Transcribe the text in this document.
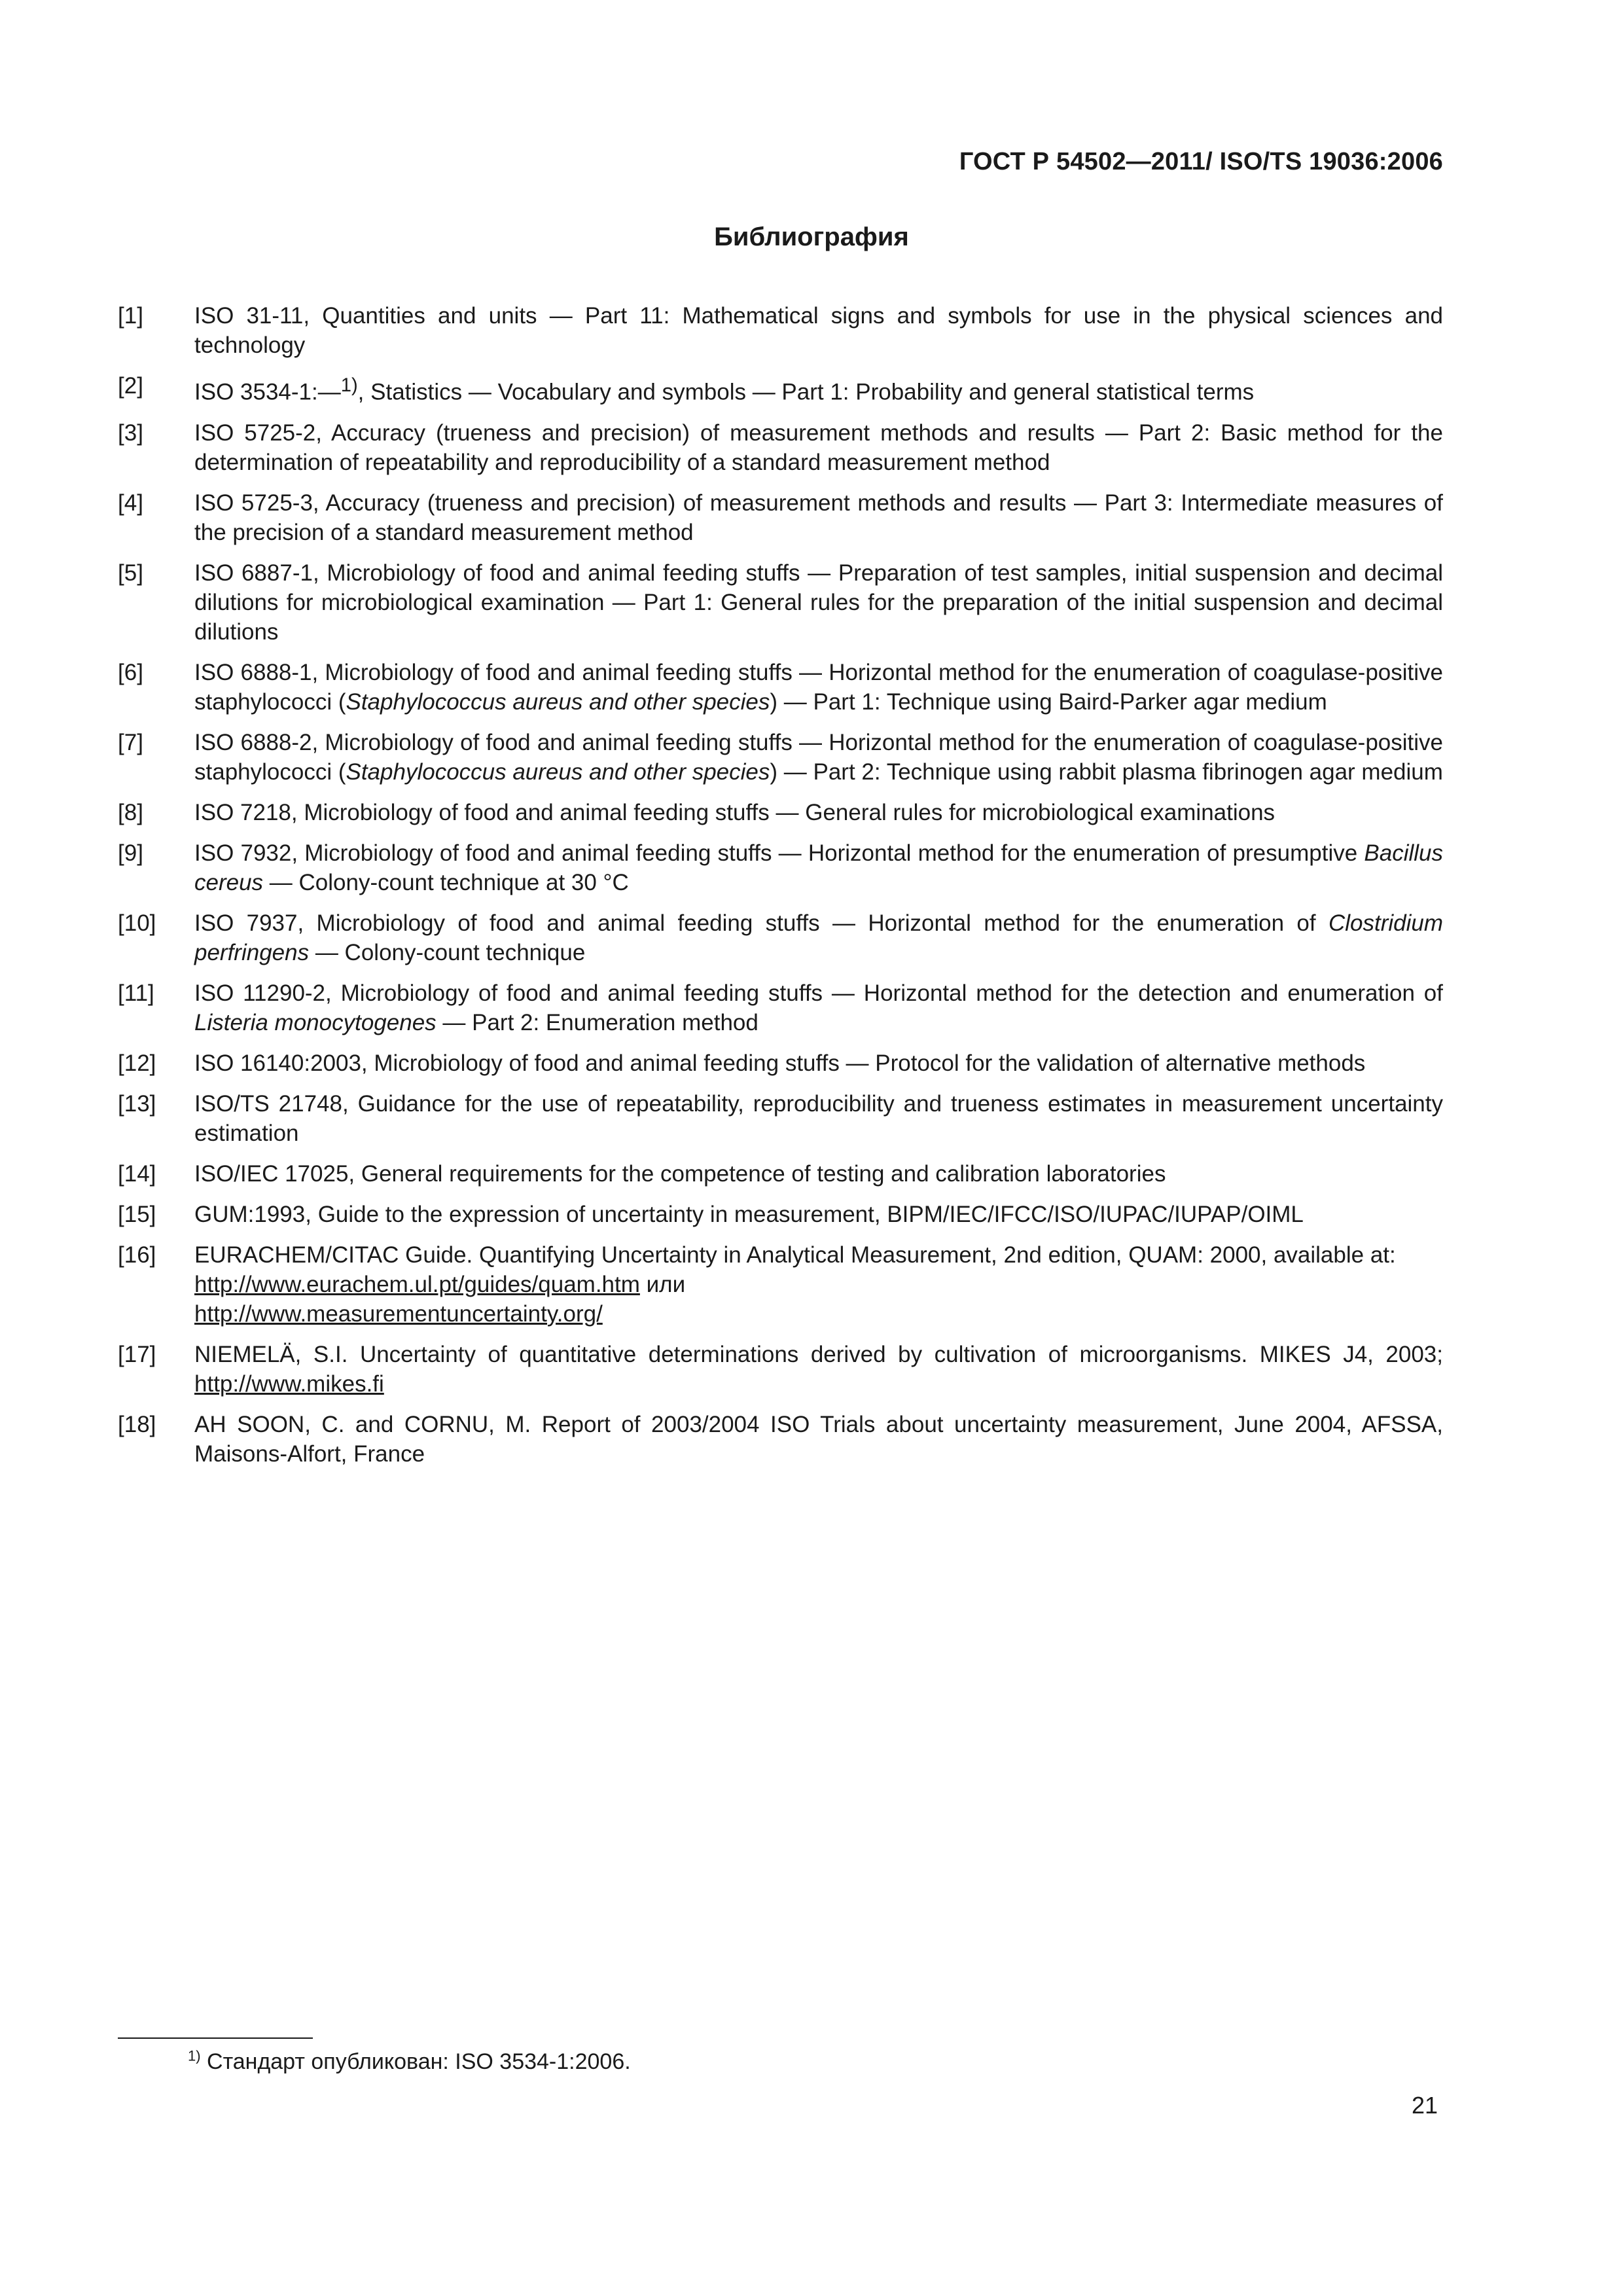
ГОСТ Р 54502—2011/ ISO/TS 19036:2006
Библиография
[1]	ISO 31-11, Quantities and units — Part 11: Mathematical signs and symbols for use in the physical sciences and technology
[2]	ISO 3534-1:—$^{1)}$, Statistics — Vocabulary and symbols — Part 1: Probability and general statistical terms
[3]	ISO 5725-2, Accuracy (trueness and precision) of measurement methods and results — Part 2: Basic method for the determination of repeatability and reproducibility of a standard measurement method
[4]	ISO 5725-3, Accuracy (trueness and precision) of measurement methods and results — Part 3: Intermediate measures of the precision of a standard measurement method
[5]	ISO 6887-1, Microbiology of food and animal feeding stuffs — Preparation of test samples, initial suspension and decimal dilutions for microbiological examination — Part 1: General rules for the preparation of the initial suspension and decimal dilutions
[6]	ISO 6888-1, Microbiology of food and animal feeding stuffs — Horizontal method for the enumeration of coagulase-positive staphylococci (Staphylococcus aureus and other species) — Part 1: Technique using Baird-Parker agar medium
[7]	ISO 6888-2, Microbiology of food and animal feeding stuffs — Horizontal method for the enumeration of coagulase-positive staphylococci (Staphylococcus aureus and other species) — Part 2: Technique using rabbit plasma fibrinogen agar medium
[8]	ISO 7218, Microbiology of food and animal feeding stuffs — General rules for microbiological examinations
[9]	ISO 7932, Microbiology of food and animal feeding stuffs — Horizontal method for the enumeration of presumptive Bacillus cereus — Colony-count technique at 30 °C
[10]	ISO 7937, Microbiology of food and animal feeding stuffs — Horizontal method for the enumeration of Clostridium perfringens — Colony-count technique
[11]	ISO 11290-2, Microbiology of food and animal feeding stuffs — Horizontal method for the detection and enumeration of Listeria monocytogenes — Part 2: Enumeration method
[12]	ISO 16140:2003, Microbiology of food and animal feeding stuffs — Protocol for the validation of alternative methods
[13]	ISO/TS 21748, Guidance for the use of repeatability, reproducibility and trueness estimates in measurement uncertainty estimation
[14]	ISO/IEC 17025, General requirements for the competence of testing and calibration laboratories
[15]	GUM:1993, Guide to the expression of uncertainty in measurement, BIPM/IEC/IFCC/ISO/IUPAC/IUPAP/OIML
[16]	EURACHEM/CITAC Guide. Quantifying Uncertainty in Analytical Measurement, 2nd edition, QUAM: 2000, available at:
http://www.eurachem.ul.pt/guides/quam.htm или
http://www.measurementuncertainty.org/
[17]	NIEMELÄ, S.I. Uncertainty of quantitative determinations derived by cultivation of microorganisms. MIKES J4, 2003; http://www.mikes.fi
[18]	AH SOON, C. and CORNU, M. Report of 2003/2004 ISO Trials about uncertainty measurement, June 2004, AFSSA, Maisons-Alfort, France
$^{1)}$ Стандарт опубликован: ISO 3534-1:2006.
21
